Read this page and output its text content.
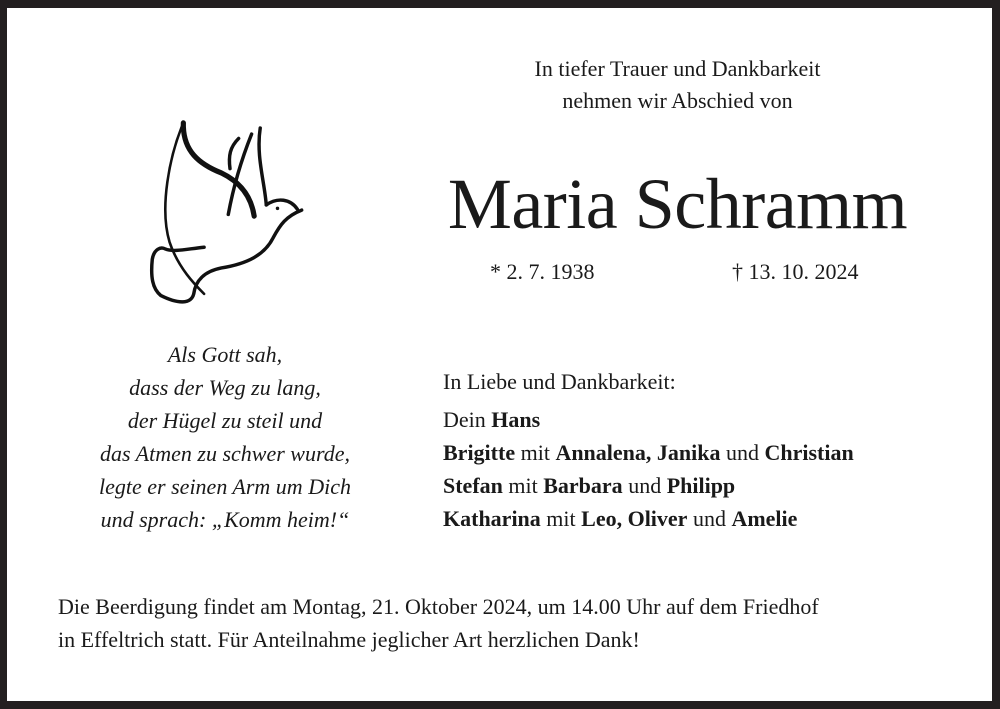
In tiefer Trauer und Dankbarkeit
nehmen wir Abschied von
Maria Schramm
* 2. 7. 1938	† 13. 10. 2024
Als Gott sah,
dass der Weg zu lang,
der Hügel zu steil und
das Atmen zu schwer wurde,
legte er seinen Arm um Dich
und sprach: „Komm heim!“
In Liebe und Dankbarkeit:
Dein Hans
Brigitte mit Annalena, Janika und Christian
Stefan mit Barbara und Philipp
Katharina mit Leo, Oliver und Amelie
Die Beerdigung findet am Montag, 21. Oktober 2024, um 14.00 Uhr auf dem Friedhof
in Effeltrich statt. Für Anteilnahme jeglicher Art herzlichen Dank!
